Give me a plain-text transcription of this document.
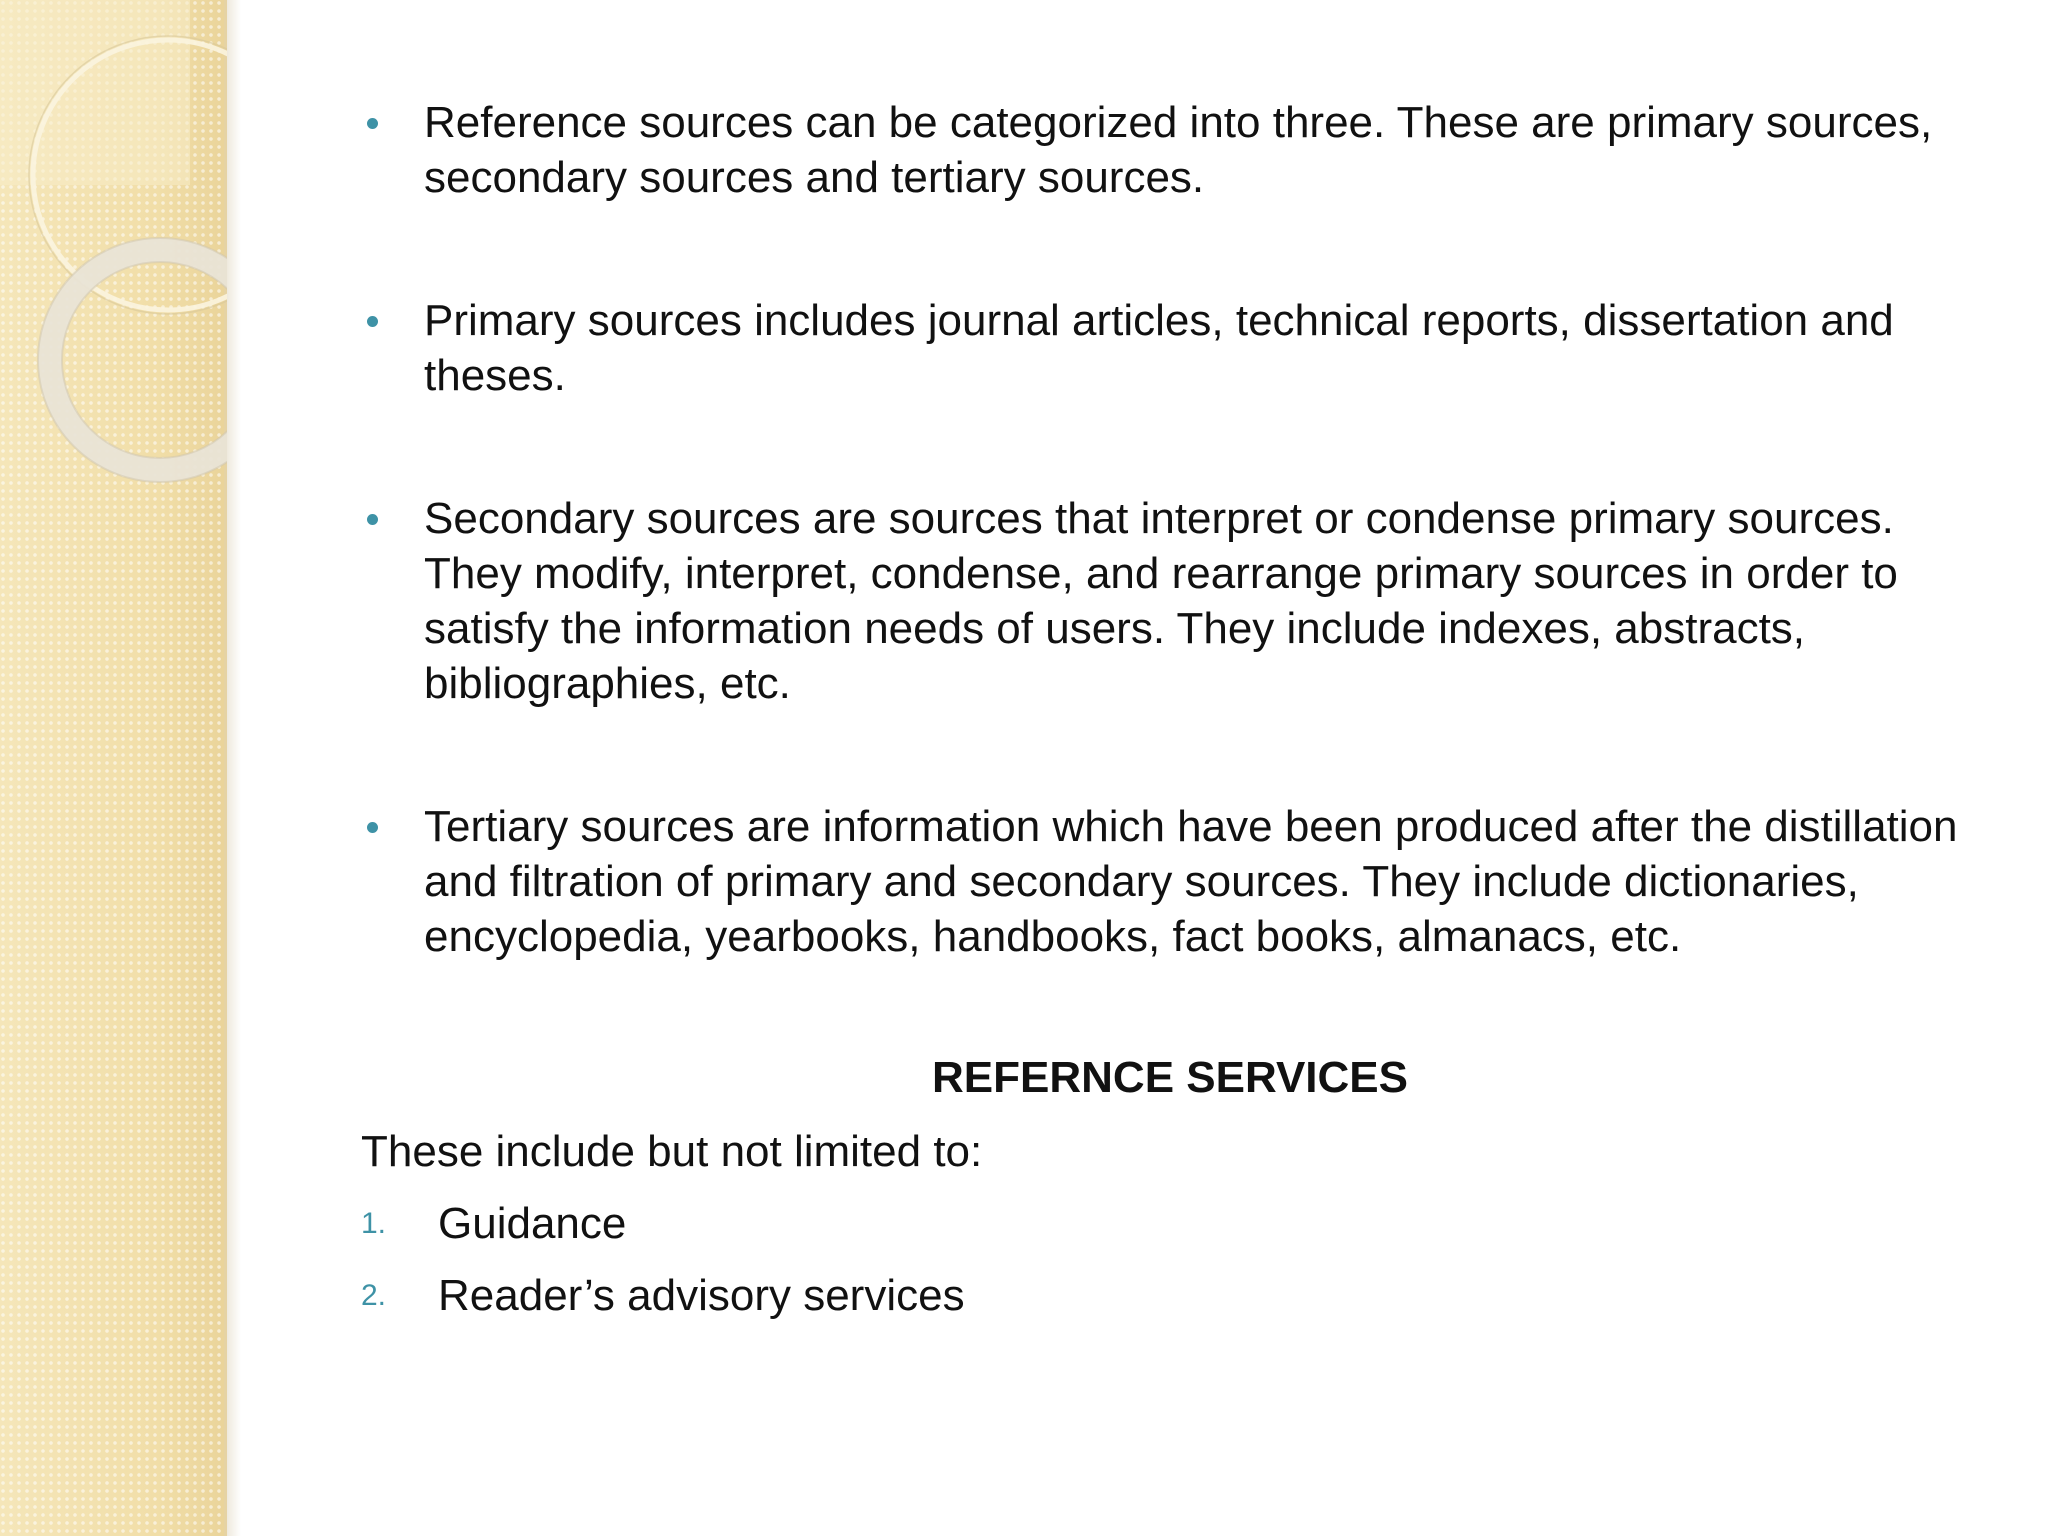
Reference sources can be categorized into three. These are primary sources, secondary sources and tertiary sources.
Primary sources includes journal articles, technical reports, dissertation and theses.
Secondary sources are sources that interpret or condense primary sources. They modify, interpret, condense, and rearrange primary sources in order to satisfy the information needs of users. They include indexes, abstracts, bibliographies, etc.
Tertiary sources are information which have been produced after the distillation and filtration of primary and secondary sources. They include dictionaries, encyclopedia, yearbooks, handbooks, fact books, almanacs, etc.
REFERNCE SERVICES
These include but not limited to:
1. Guidance
2. Reader’s advisory services
